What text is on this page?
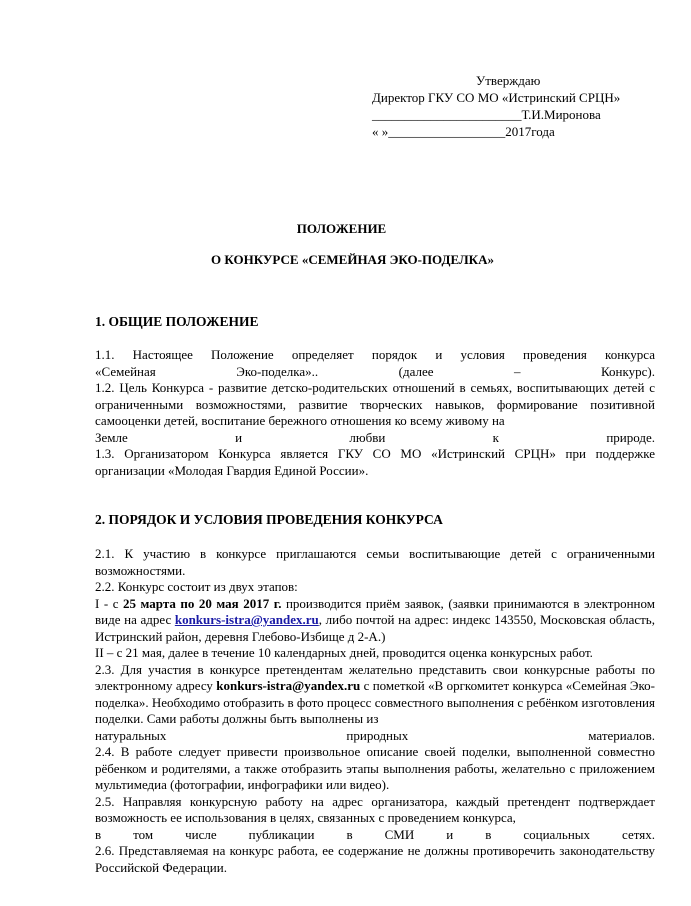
Утверждаю
Директор ГКУ СО МО «Истринский СРЦН»
_______________________Т.И.Миронова
« »__________________2017года
ПОЛОЖЕНИЕ
О КОНКУРСЕ «СЕМЕЙНАЯ ЭКО-ПОДЕЛКА»
1. ОБЩИЕ ПОЛОЖЕНИЕ

1.1. Настоящее Положение определяет порядок и условия проведения конкурса

«Семейная Эко-поделка».. (далее – Конкурс).

1.2. Цель Конкурса - развитие детско-родительских отношений в семьях, воспитывающих детей с ограниченными возможностями, развитие творческих навыков, формирование позитивной самооценки детей, воспитание бережного отношения ко всему живому на

Земле и любви к природе.

1.3. Организатором Конкурса является ГКУ СО МО «Истринский СРЦН» при поддержке организации «Молодая Гвардия Единой России».

2. ПОРЯДОК И УСЛОВИЯ ПРОВЕДЕНИЯ КОНКУРСА

2.1. К участию в конкурсе приглашаются семьи воспитывающие детей с ограниченными возможностями.

2.2. Конкурс состоит из двух этапов:

I - с 25 марта по 20 мая 2017 г. производится приём заявок, (заявки принимаются в электронном виде на адрес konkurs-istra@yandex.ru, либо почтой на адрес: индекс 143550, Московская область, Истринский район, деревня Глебово-Избище д 2-А.)

II – с 21 мая, далее в течение 10 календарных дней, проводится оценка конкурсных работ.

2.3. Для участия в конкурсе претендентам желательно представить свои конкурсные работы по электронному адресу konkurs-istra@yandex.ru с пометкой «В оргкомитет конкурса «Семейная Эко-поделка». Необходимо отобразить в фото процесс совместного выполнения с ребёнком изготовления поделки. Сами работы должны быть выполнены из

натуральных природных материалов.

2.4. В работе следует привести произвольное описание своей поделки, выполненной совместно рёбенком и родителями, а также отобразить этапы выполнения работы, желательно с приложением мультимедиа (фотографии, инфографики или видео).

2.5. Направляя конкурсную работу на адрес организатора, каждый претендент подтверждает возможность ее использования в целях, связанных с проведением конкурса,

в том числе публикации в СМИ и в социальных сетях.

2.6. Представляемая на конкурс работа, ее содержание не должны противоречить законодательству Российской Федерации.
